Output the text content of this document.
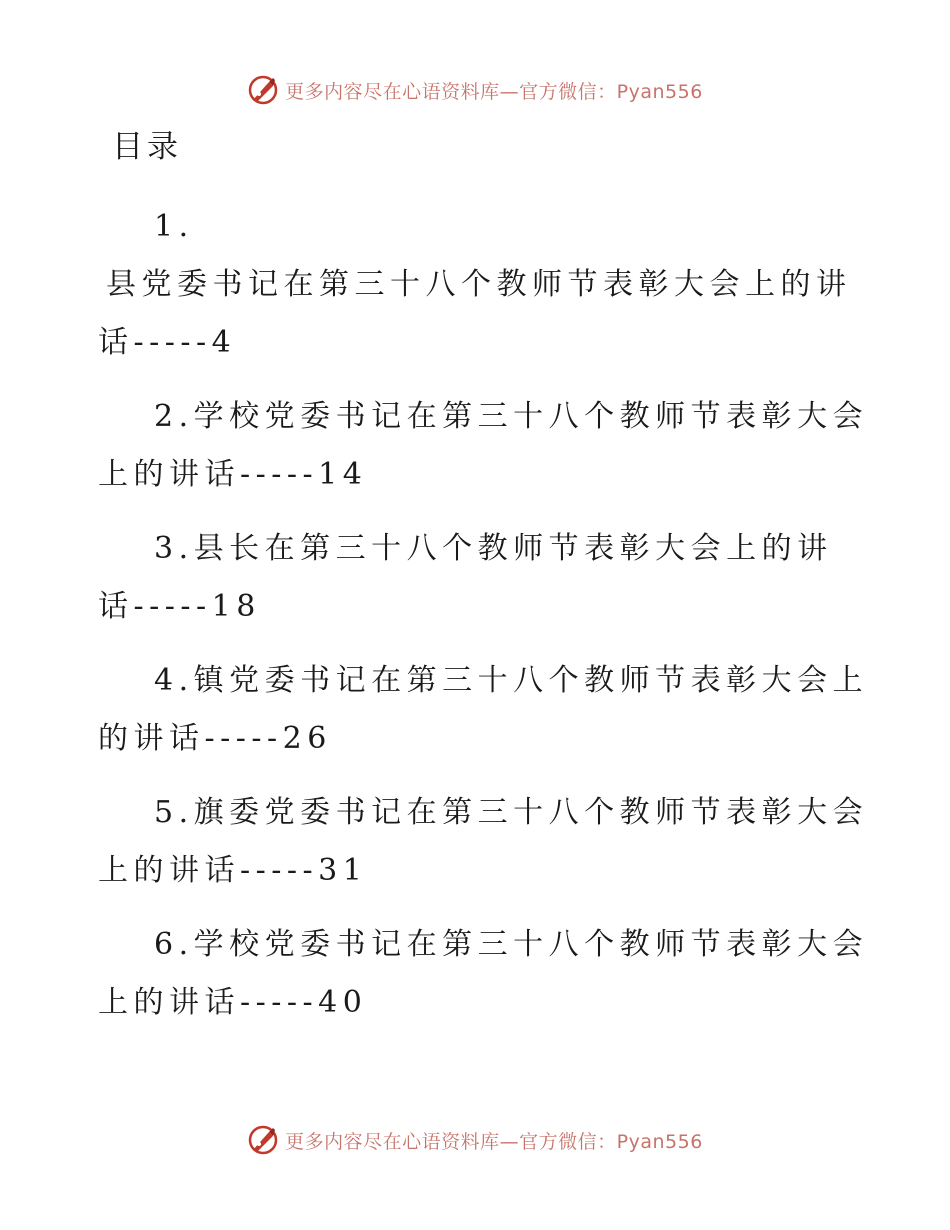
更多内容尽在心语资料库—官方微信：Pyan556
目录

1.
县党委书记在第三十八个教师节表彰大会上的讲
话-----4

2.学校党委书记在第三十八个教师节表彰大会
上的讲话-----14

3.县长在第三十八个教师节表彰大会上的讲
话-----18

4.镇党委书记在第三十八个教师节表彰大会上
的讲话-----26

5.旗委党委书记在第三十八个教师节表彰大会
上的讲话-----31

6.学校党委书记在第三十八个教师节表彰大会
上的讲话-----40

更多内容尽在心语资料库—官方微信：Pyan556
